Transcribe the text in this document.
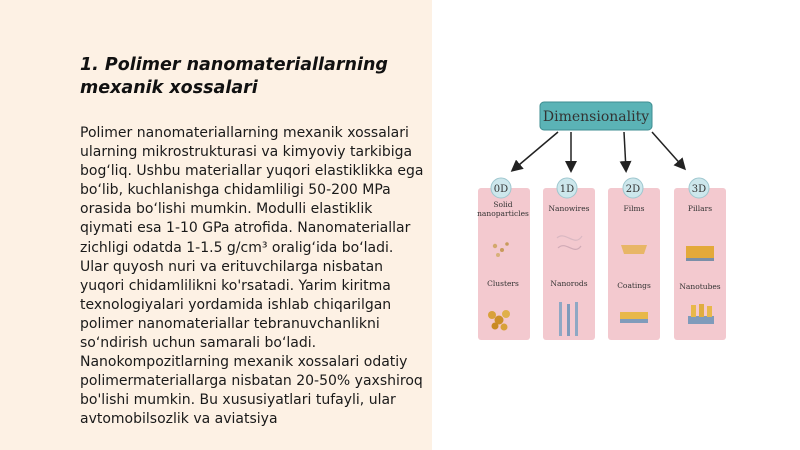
1. Polimer nanomateriallarning mexanik xossalari

Polimer nanomateriallarning mexanik xossalari ularning mikrostrukturasi va kimyoviy tarkibiga bog‘liq. Ushbu materiallar yuqori elastiklikka ega bo‘lib, kuchlanishga chidamliligi 50-200 MPa orasida bo‘lishi mumkin. Modulli elastiklik qiymati esa 1-10 GPa atrofida. Nanomateriallar zichligi odatda 1-1.5 g/cm³ oralig‘ida bo‘ladi. Ular quyosh nuri va erituvchilarga nisbatan yuqori chidamlilikni ko'rsatadi. Yarim kiritma texnologiyalari yordamida ishlab chiqarilgan polimer nanomateriallar tebranuvchanlikni so‘ndirish uchun samarali bo‘ladi. Nanokompozitlarning mexanik xossalari odatiy polimermateriallarga nisbatan 20-50% yaxshiroq bo'lishi mumkin. Bu xususiyatlari tufayli, ular avtomobilsozlik va aviatsiya

Dimensionality
0D
Solid
nanoparticles
Clusters
1D
Nanowires
Nanorods
2D
Films
Coatings
3D
Pillars
Nanotubes
